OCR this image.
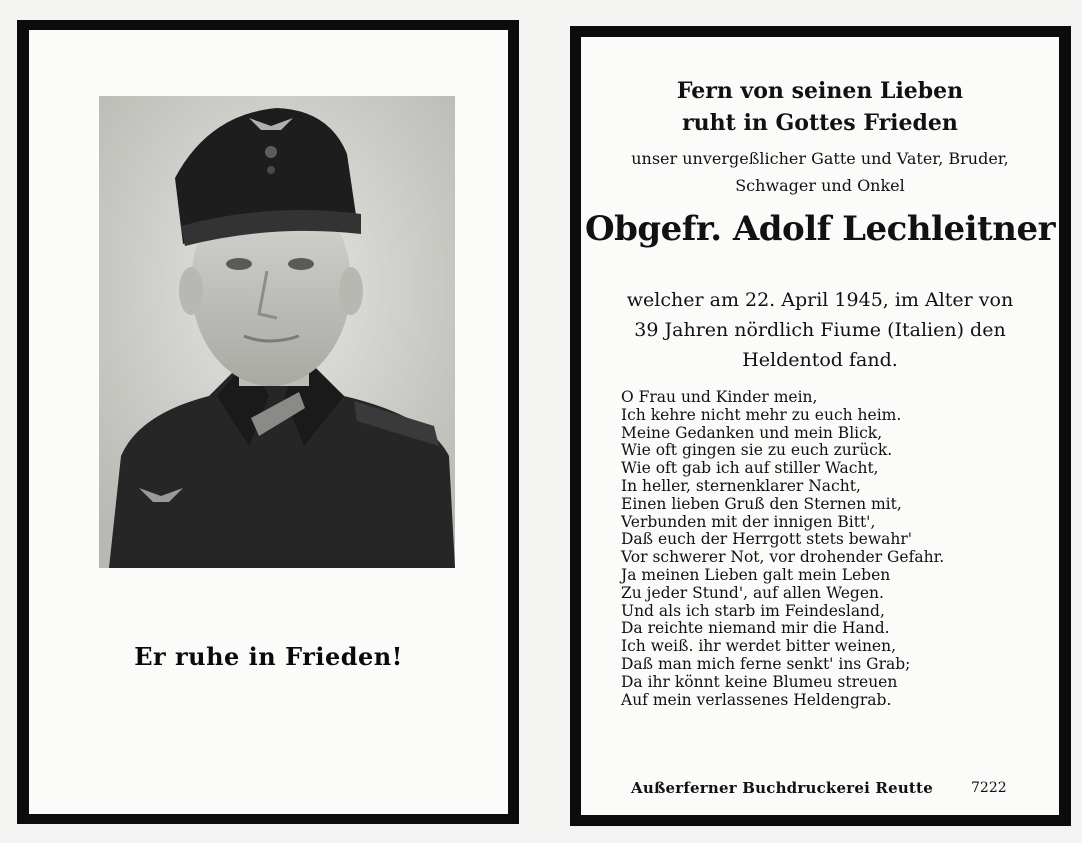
Er ruhe in Frieden!
Fern von seinen Lieben
ruht in Gottes Frieden
unser unvergeßlicher Gatte und Vater, Bruder,
Schwager und Onkel
Obgefr. Adolf Lechleitner
welcher am 22. April 1945, im Alter von
39 Jahren nördlich Fiume (Italien) den
Heldentod fand.
O Frau und Kinder mein,
Ich kehre nicht mehr zu euch heim.
Meine Gedanken und mein Blick,
Wie oft gingen sie zu euch zurück.
Wie oft gab ich auf stiller Wacht,
In heller, sternenklarer Nacht,
Einen lieben Gruß den Sternen mit,
Verbunden mit der innigen Bitt',
Daß euch der Herrgott stets bewahr'
Vor schwerer Not, vor drohender Gefahr.
Ja meinen Lieben galt mein Leben
Zu jeder Stund', auf allen Wegen.
Und als ich starb im Feindesland,
Da reichte niemand mir die Hand.
Ich weiß. ihr werdet bitter weinen,
Daß man mich ferne senkt' ins Grab;
Da ihr könnt keine Blumeu streuen
Auf mein verlassenes Heldengrab.
Außerferner Buchdruckerei Reutte	7222
